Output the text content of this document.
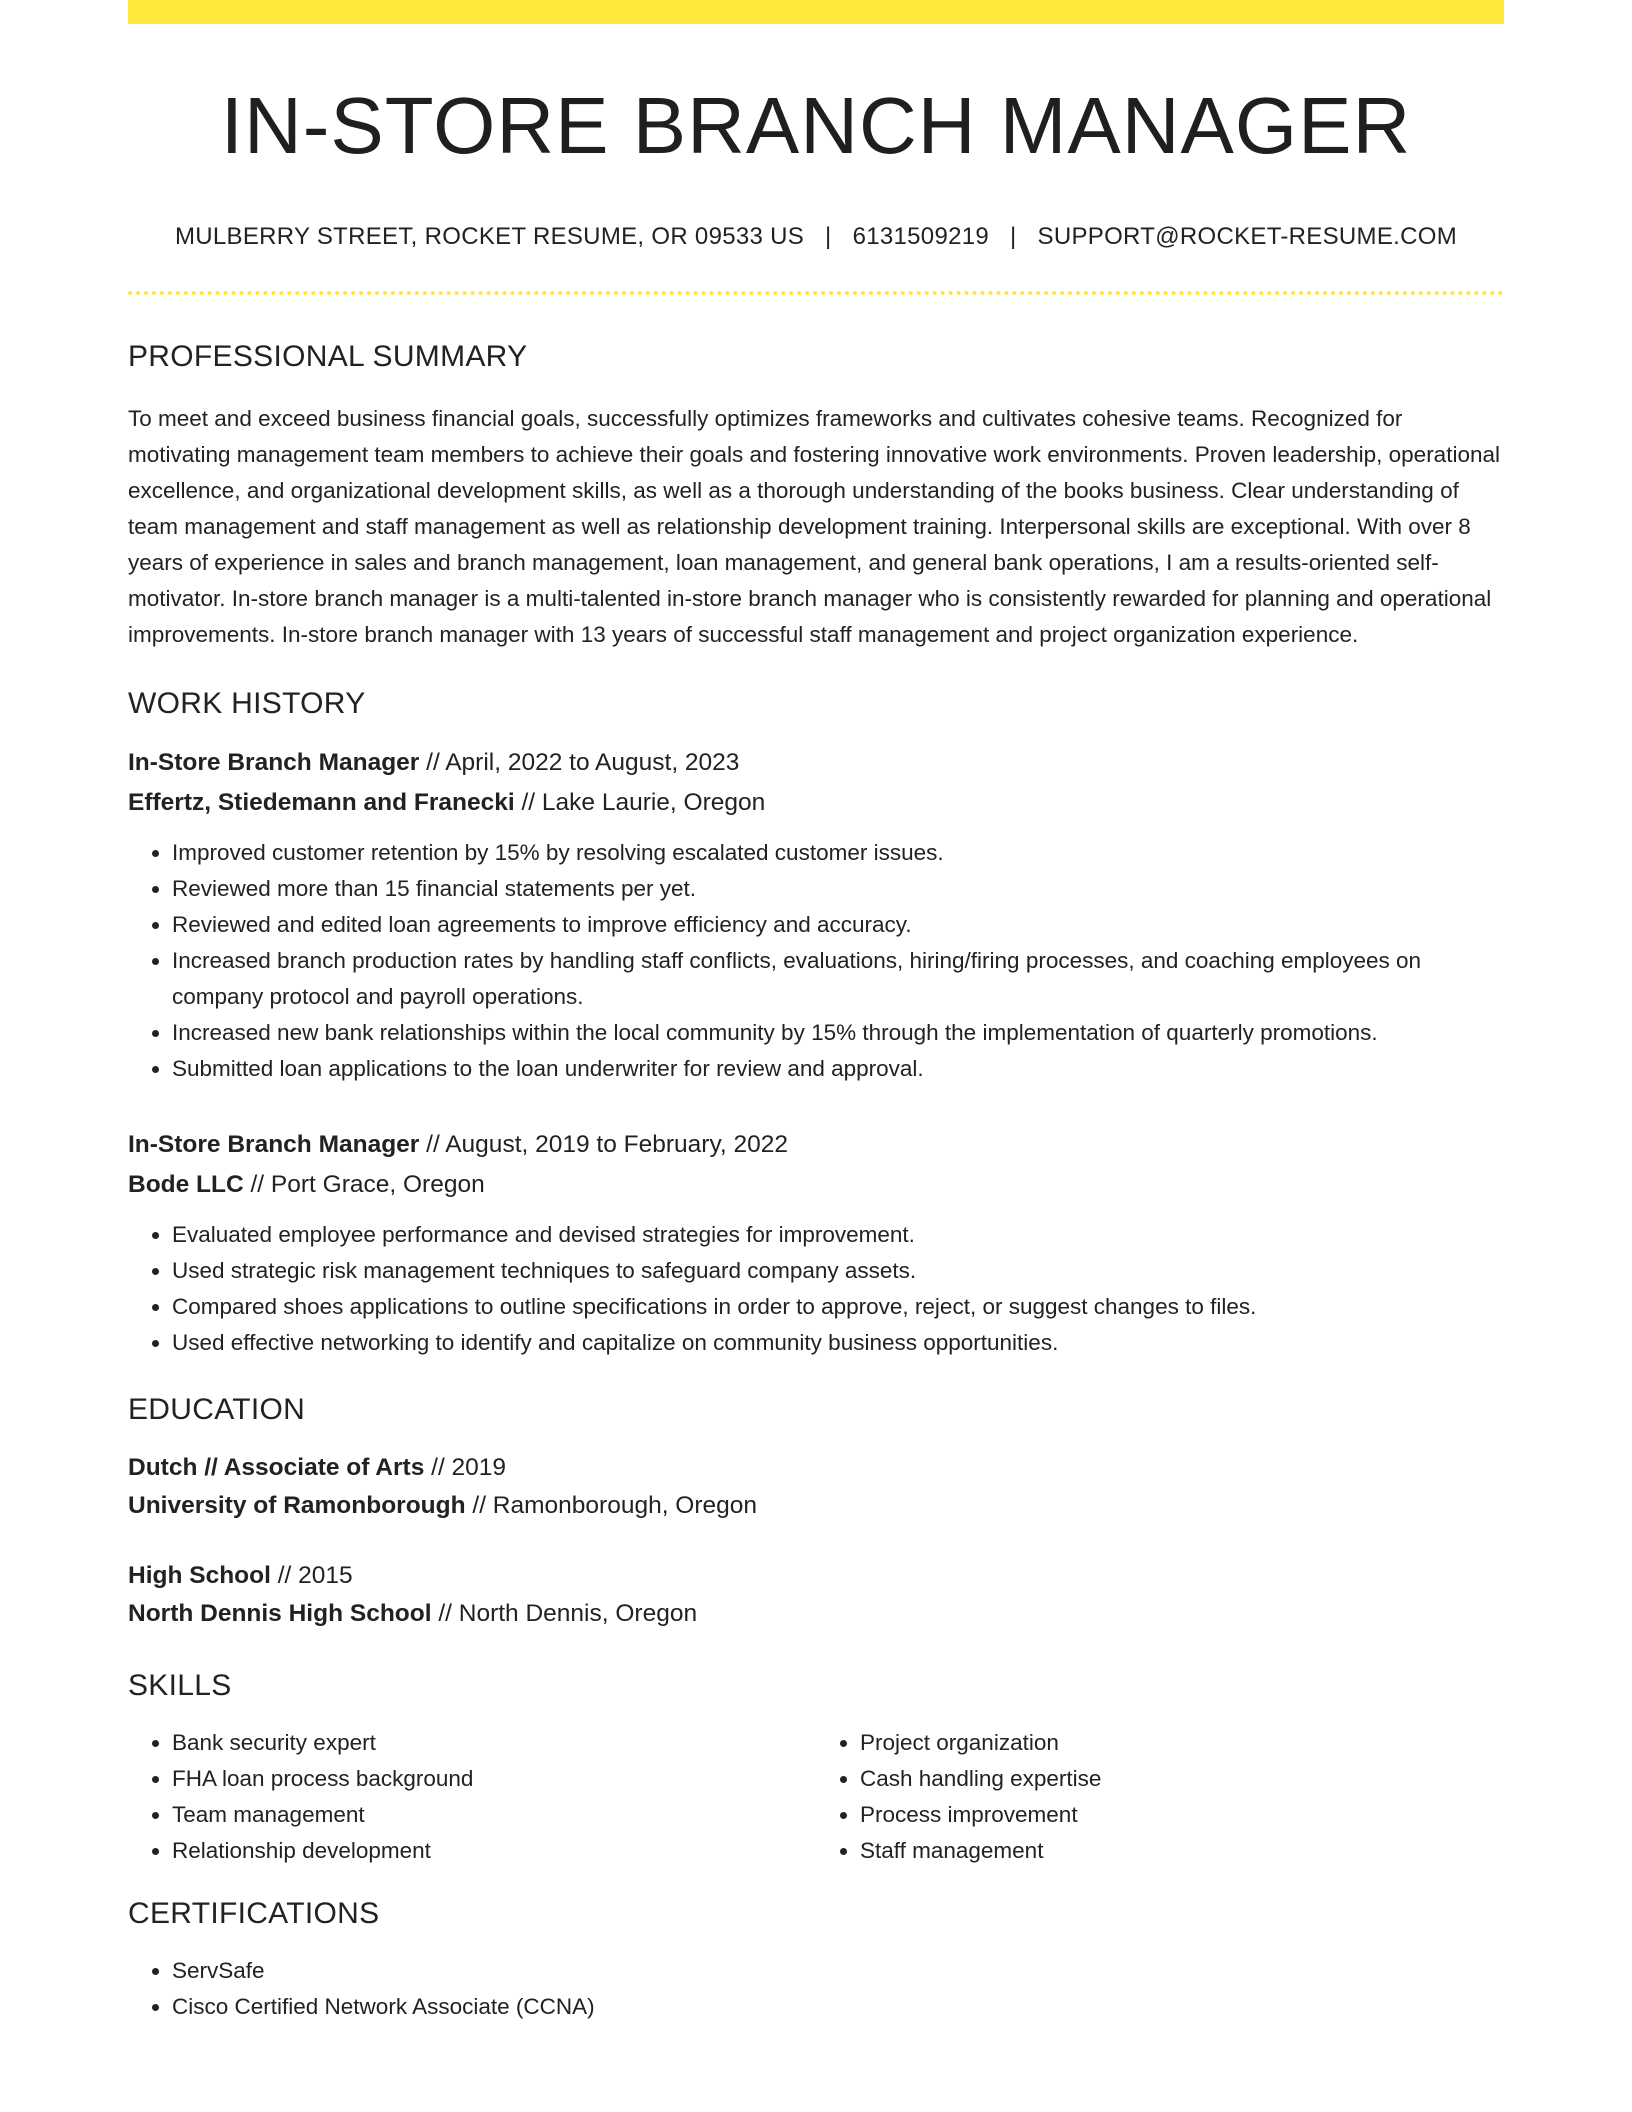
IN-STORE BRANCH MANAGER
MULBERRY STREET, ROCKET RESUME, OR 09533 US | 6131509219 | SUPPORT@ROCKET-RESUME.COM
PROFESSIONAL SUMMARY
To meet and exceed business financial goals, successfully optimizes frameworks and cultivates cohesive teams. Recognized for motivating management team members to achieve their goals and fostering innovative work environments. Proven leadership, operational excellence, and organizational development skills, as well as a thorough understanding of the books business. Clear understanding of team management and staff management as well as relationship development training. Interpersonal skills are exceptional. With over 8 years of experience in sales and branch management, loan management, and general bank operations, I am a results-oriented self-motivator. In-store branch manager is a multi-talented in-store branch manager who is consistently rewarded for planning and operational improvements. In-store branch manager with 13 years of successful staff management and project organization experience.
WORK HISTORY
In-Store Branch Manager // April, 2022 to August, 2023
Effertz, Stiedemann and Franecki // Lake Laurie, Oregon
• Improved customer retention by 15% by resolving escalated customer issues.
• Reviewed more than 15 financial statements per yet.
• Reviewed and edited loan agreements to improve efficiency and accuracy.
• Increased branch production rates by handling staff conflicts, evaluations, hiring/firing processes, and coaching employees on company protocol and payroll operations.
• Increased new bank relationships within the local community by 15% through the implementation of quarterly promotions.
• Submitted loan applications to the loan underwriter for review and approval.
In-Store Branch Manager // August, 2019 to February, 2022
Bode LLC // Port Grace, Oregon
• Evaluated employee performance and devised strategies for improvement.
• Used strategic risk management techniques to safeguard company assets.
• Compared shoes applications to outline specifications in order to approve, reject, or suggest changes to files.
• Used effective networking to identify and capitalize on community business opportunities.
EDUCATION
Dutch // Associate of Arts // 2019
University of Ramonborough // Ramonborough, Oregon
High School // 2015
North Dennis High School // North Dennis, Oregon
SKILLS
• Bank security expert
• FHA loan process background
• Team management
• Relationship development
• Project organization
• Cash handling expertise
• Process improvement
• Staff management
CERTIFICATIONS
• ServSafe
• Cisco Certified Network Associate (CCNA)
